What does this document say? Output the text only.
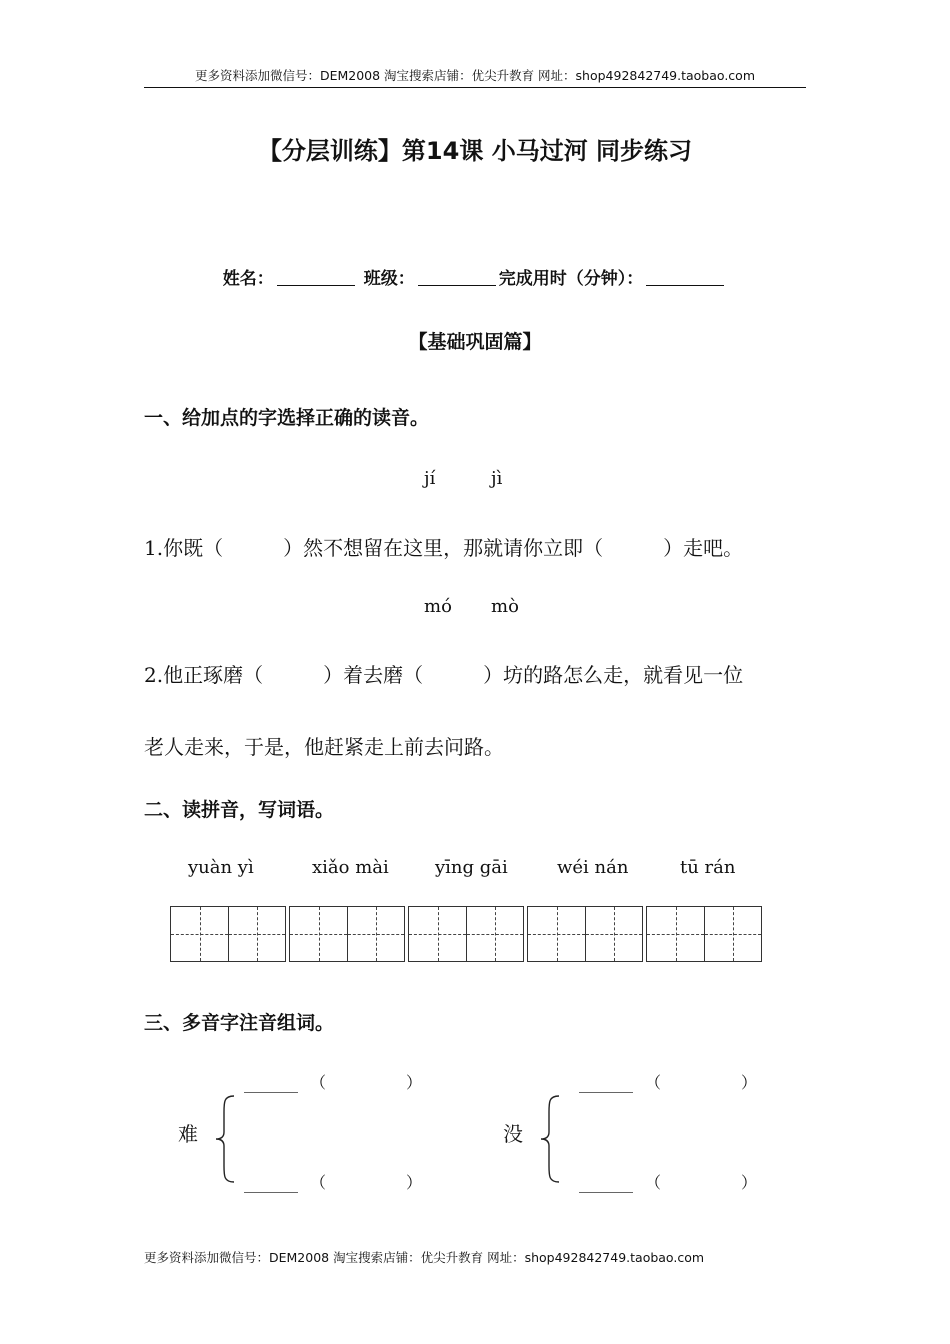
更多资料添加微信号：DEM2008 淘宝搜索店铺：优尖升教育 网址：shop492842749.taobao.com
【分层训练】第14课 小马过河 同步练习
姓名：	班级：	完成用时（分钟）：
【基础巩固篇】
一、给加点的字选择正确的读音。
jí	jì
1.你既（　　　）然不想留在这里，那就请你立即（　　　）走吧。
mó mò
2.他正琢磨（　　　）着去磨（　　　）坊的路怎么走，就看见一位
老人走来，于是，他赶紧走上前去问路。
二、读拼音，写词语。
yuàn yì	xiǎo mài	yīng gāi	wéi nán	tū rán
三、多音字注音组词。
难
（　　　　　）
（　　　　　）
没
（　　　　　）
（　　　　　）
更多资料添加微信号：DEM2008 淘宝搜索店铺：优尖升教育 网址：shop492842749.taobao.com
